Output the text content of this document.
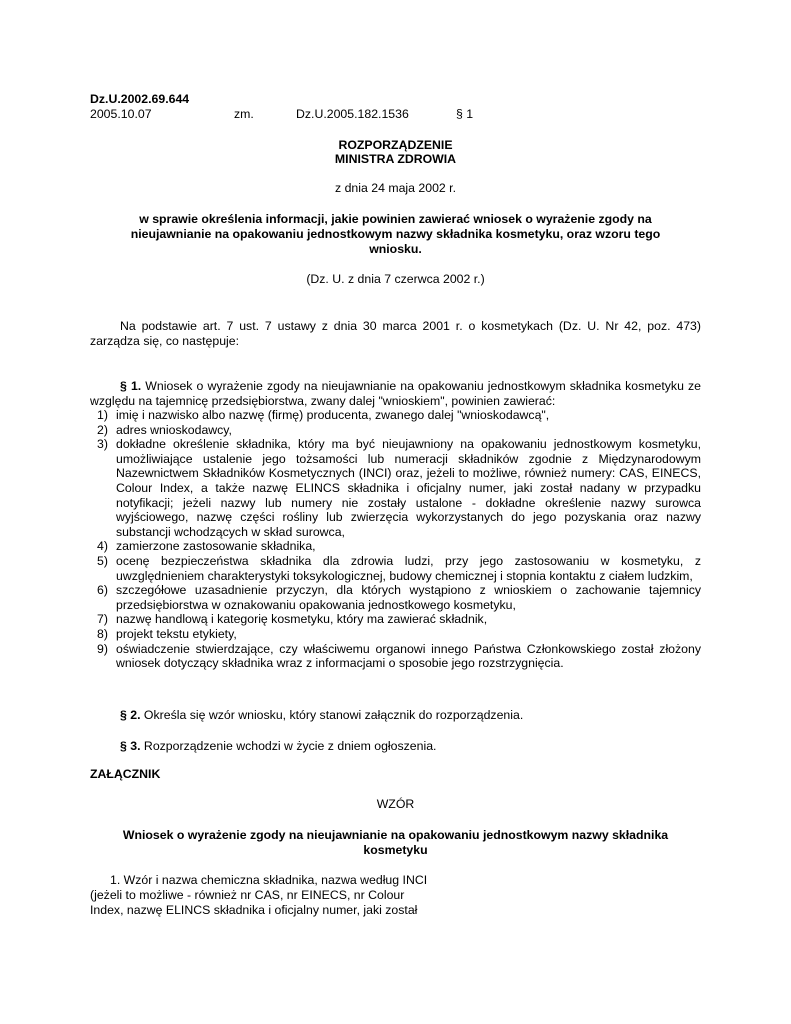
Dz.U.2002.69.644
2005.10.07	zm.	Dz.U.2005.182.1536	§ 1
ROZPORZĄDZENIE
MINISTRA ZDROWIA
z dnia 24 maja 2002 r.
w sprawie określenia informacji, jakie powinien zawierać wniosek o wyrażenie zgody na
nieujawnianie na opakowaniu jednostkowym nazwy składnika kosmetyku, oraz wzoru tego
wniosku.
(Dz. U. z dnia 7 czerwca 2002 r.)
Na podstawie art. 7 ust. 7 ustawy z dnia 30 marca 2001 r. o kosmetykach (Dz. U. Nr 42, poz. 473) zarządza się, co następuje:
§ 1. Wniosek o wyrażenie zgody na nieujawnianie na opakowaniu jednostkowym składnika kosmetyku ze względu na tajemnicę przedsiębiorstwa, zwany dalej "wnioskiem", powinien zawierać:
1) imię i nazwisko albo nazwę (firmę) producenta, zwanego dalej "wnioskodawcą",
2) adres wnioskodawcy,
3) dokładne określenie składnika, który ma być nieujawniony na opakowaniu jednostkowym kosmetyku, umożliwiające ustalenie jego tożsamości lub numeracji składników zgodnie z Międzynarodowym Nazewnictwem Składników Kosmetycznych (INCI) oraz, jeżeli to możliwe, również numery: CAS, EINECS, Colour Index, a także nazwę ELINCS składnika i oficjalny numer, jaki został nadany w przypadku notyfikacji; jeżeli nazwy lub numery nie zostały ustalone - dokładne określenie nazwy surowca wyjściowego, nazwę części rośliny lub zwierzęcia wykorzystanych do jego pozyskania oraz nazwy substancji wchodzących w skład surowca,
4) zamierzone zastosowanie składnika,
5) ocenę bezpieczeństwa składnika dla zdrowia ludzi, przy jego zastosowaniu w kosmetyku, z uwzględnieniem charakterystyki toksykologicznej, budowy chemicznej i stopnia kontaktu z ciałem ludzkim,
6) szczegółowe uzasadnienie przyczyn, dla których wystąpiono z wnioskiem o zachowanie tajemnicy przedsiębiorstwa w oznakowaniu opakowania jednostkowego kosmetyku,
7) nazwę handlową i kategorię kosmetyku, który ma zawierać składnik,
8) projekt tekstu etykiety,
9) oświadczenie stwierdzające, czy właściwemu organowi innego Państwa Członkowskiego został złożony wniosek dotyczący składnika wraz z informacjami o sposobie jego rozstrzygnięcia.
§ 2. Określa się wzór wniosku, który stanowi załącznik do rozporządzenia.
§ 3. Rozporządzenie wchodzi w życie z dniem ogłoszenia.
ZAŁĄCZNIK
WZÓR
Wniosek o wyrażenie zgody na nieujawnianie na opakowaniu jednostkowym nazwy składnika
kosmetyku
1. Wzór i nazwa chemiczna składnika, nazwa według INCI
(jeżeli to możliwe - również nr CAS, nr EINECS, nr Colour
Index, nazwę ELINCS składnika i oficjalny numer, jaki został
